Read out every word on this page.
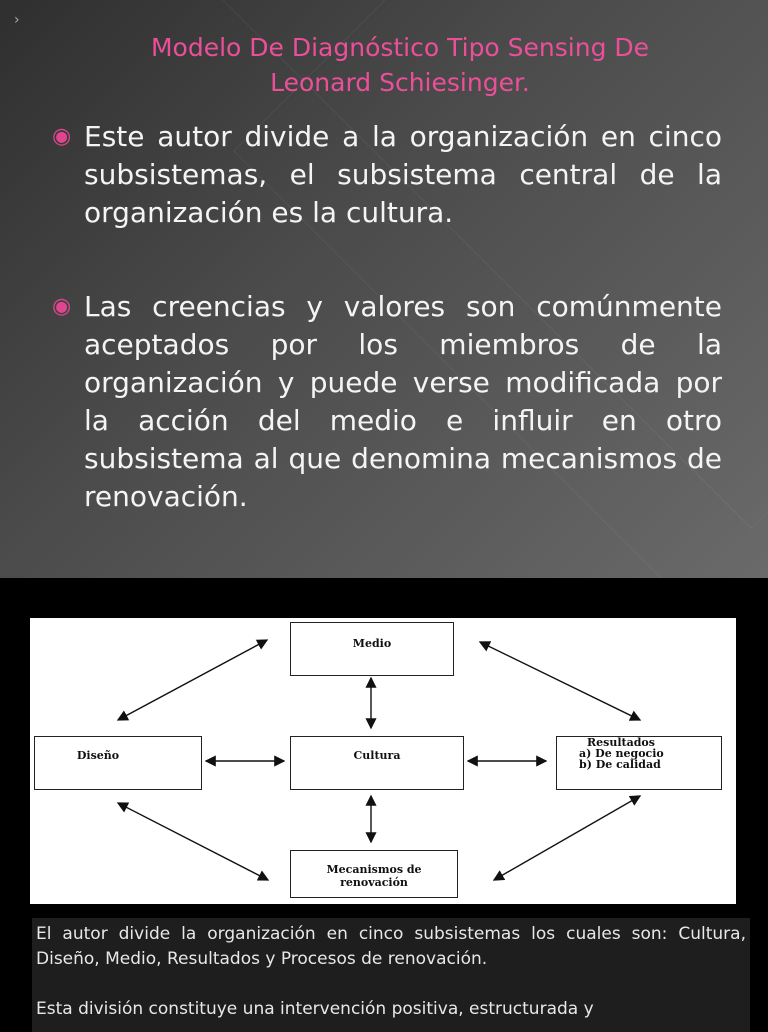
›
Modelo De Diagnóstico Tipo Sensing De
Leonard Schiesinger.
◉ Este autor divide a la organización en cinco subsistemas, el subsistema central de la organización es la cultura.
◉ Las creencias y valores son comúnmente aceptados por los miembros de la organización y puede verse modificada por la acción del medio e influir en otro subsistema al que denomina mecanismos de renovación.
Medio
Diseño	Cultura
Resultados
a) De negocio
b) De calidad
Mecanismos de
renovación

El autor divide la organización en cinco subsistemas los cuales son: Cultura, Diseño, Medio, Resultados y Procesos de renovación.

Esta división constituye una intervención positiva, estructurada y
